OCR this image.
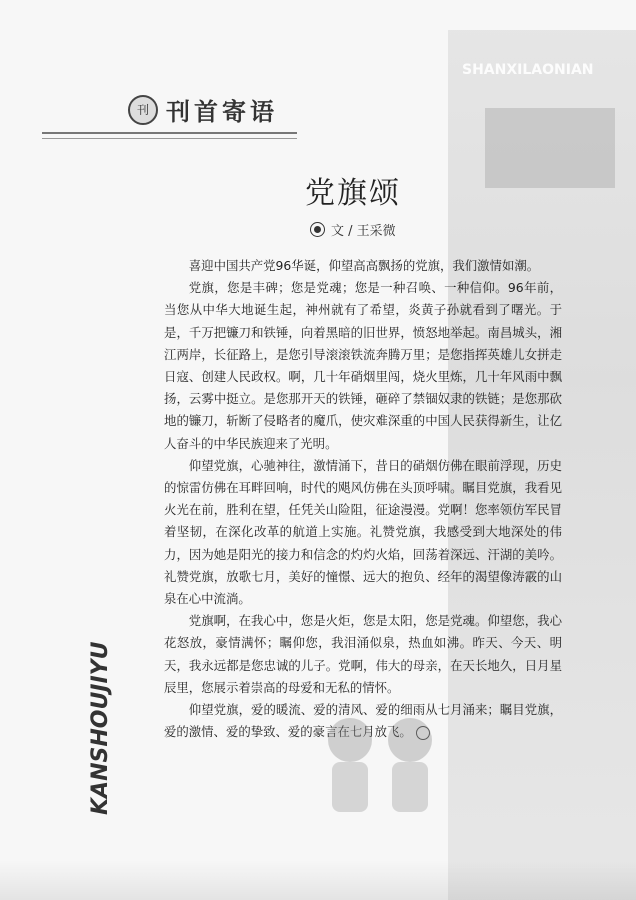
SHANXILAONIAN
刊 刊首寄语
党旗颂
文 / 王采微

喜迎中国共产党96华诞，仰望高高飘扬的党旗，我们激情如潮。

党旗，您是丰碑；您是党魂；您是一种召唤、一种信仰。96年前，当您从中华大地诞生起，神州就有了希望，炎黄子孙就看到了曙光。于是，千万把镰刀和铁锤，向着黑暗的旧世界，愤怒地举起。南昌城头，湘江两岸，长征路上，是您引导滚滚铁流奔腾万里；是您指挥英雄儿女拼走日寇、创建人民政权。啊，几十年硝烟里闯，烧火里炼，几十年风雨中飘扬，云雾中挺立。是您那开天的铁锤，砸碎了禁锢奴隶的铁链；是您那砍地的镰刀，斩断了侵略者的魔爪，使灾难深重的中国人民获得新生，让亿人奋斗的中华民族迎来了光明。

仰望党旗，心驰神往，激情涌下，昔日的硝烟仿佛在眼前浮现，历史的惊雷仿佛在耳畔回响，时代的飓风仿佛在头顶呼啸。瞩目党旗，我看见火光在前，胜利在望，任凭关山险阻，征途漫漫。党啊！您率领仿军民冒着坚韧，在深化改革的航道上实施。礼赞党旗，我感受到大地深处的伟力，因为她是阳光的接力和信念的灼灼火焰，回荡着深远、汗湖的美吟。礼赞党旗，放歌七月，美好的憧憬、远大的抱负、经年的渴望像涛霰的山泉在心中流淌。

党旗啊，在我心中，您是火炬，您是太阳，您是党魂。仰望您，我心花怒放，豪情满怀；瞩仰您，我泪涌似泉，热血如沸。昨天、今天、明天，我永远都是您忠诚的儿子。党啊，伟大的母亲，在天长地久，日月星辰里，您展示着崇高的母爱和无私的情怀。

仰望党旗，爱的暖流、爱的清风、爱的细雨从七月涌来；瞩目党旗，爱的激情、爱的挚致、爱的豪言在七月放飞。

KANSHOUJIYU
